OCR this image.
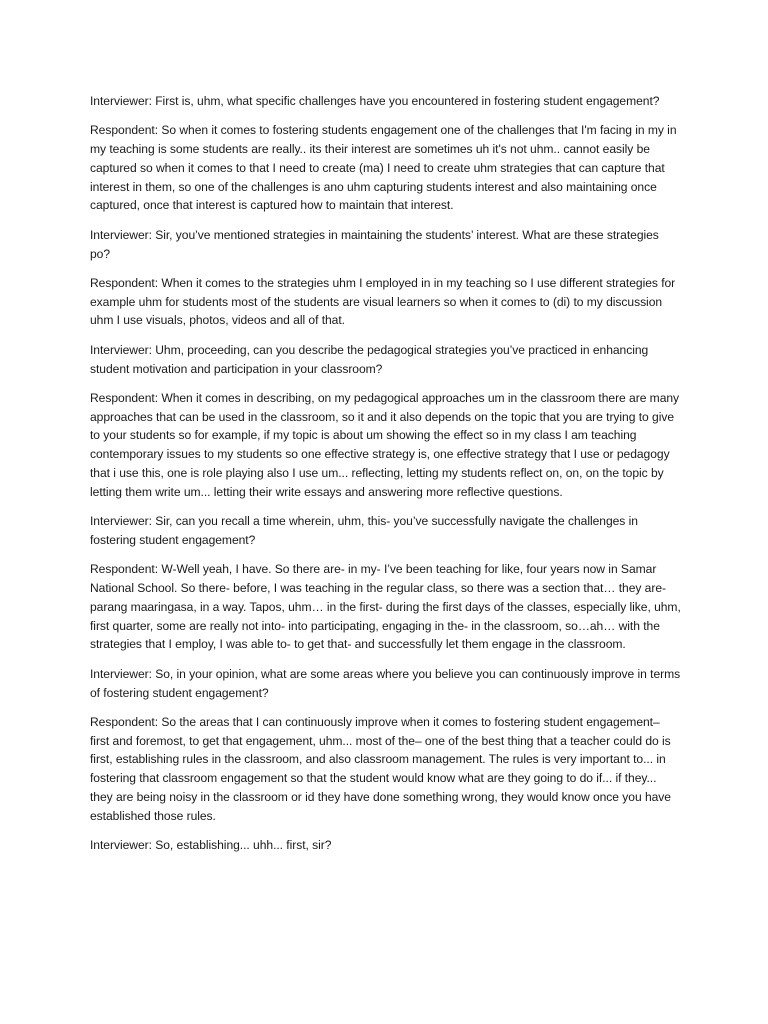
Interviewer: First is, uhm, what specific challenges have you encountered in fostering student engagement?

Respondent: So when it comes to fostering students engagement one of the challenges that I'm facing in my in my teaching is some students are really.. its their interest are sometimes uh it's not uhm.. cannot easily be captured so when it comes to that I need to create (ma) I need to create uhm strategies that can capture that interest in them, so one of the challenges is ano uhm capturing students interest and also maintaining once captured, once that interest is captured how to maintain that interest.

Interviewer: Sir, you’ve mentioned strategies in maintaining the students’ interest. What are these strategies po?

Respondent: When it comes to the strategies uhm I employed in in my teaching so I use different strategies for example uhm for students most of the students are visual learners so when it comes to (di) to my discussion uhm I use visuals, photos, videos and all of that.

Interviewer: Uhm, proceeding, can you describe the pedagogical strategies you’ve practiced in enhancing student motivation and participation in your classroom?

Respondent: When it comes in describing, on my pedagogical approaches um in the classroom there are many approaches that can be used in the classroom, so it and it also depends on the topic that you are trying to give to your students so for example, if my topic is about um showing the effect so in my class I am teaching contemporary issues to my students so one effective strategy is, one effective strategy that I use or pedagogy that i use this, one is role playing also I use um... reflecting, letting my students reflect on, on, on the topic by letting them write um... letting their write essays and answering more reflective questions.

Interviewer: Sir, can you recall a time wherein, uhm, this- you’ve successfully navigate the challenges in fostering student engagement?

Respondent: W-Well yeah, I have. So there are- in my- I’ve been teaching for like, four years now in Samar National School. So there- before, I was teaching in the regular class, so there was a section that… they are- parang maaringasa, in a way. Tapos, uhm… in the first- during the first days of the classes, especially like, uhm, first quarter, some are really not into- into participating, engaging in the- in the classroom, so…ah… with the strategies that I employ, I was able to- to get that- and successfully let them engage in the classroom.

Interviewer: So, in your opinion, what are some areas where you believe you can continuously improve in terms of fostering student engagement?

Respondent: So the areas that I can continuously improve when it comes to fostering student engagement– first and foremost, to get that engagement, uhm... most of the– one of the best thing that a teacher could do is first, establishing rules in the classroom, and also classroom management. The rules is very important to... in fostering that classroom engagement so that the student would know what are they going to do if... if they... they are being noisy in the classroom or id they have done something wrong, they would know once you have established those rules.

Interviewer: So, establishing... uhh... first, sir?
